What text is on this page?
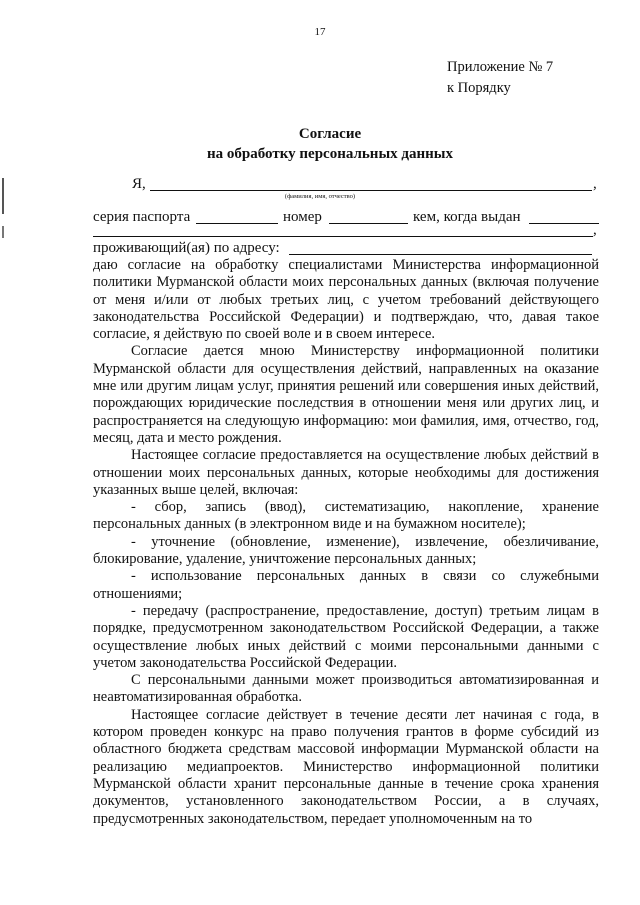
17
Приложение № 7
к Порядку
Согласие
на обработку персональных данных
Я,	,
(фамилия, имя, отчество)
серия паспорта	номер	кем, когда выдан
,
проживающий(ая) по адресу:

даю согласие на обработку специалистами Министерства информационной политики Мурманской области моих персональных данных (включая получение от меня и/или от любых третьих лиц, с учетом требований действующего законодательства Российской Федерации) и подтверждаю, что, давая такое согласие, я действую по своей воле и в своем интересе.

Согласие дается мною Министерству информационной политики Мурманской области для осуществления действий, направленных на оказание мне или другим лицам услуг, принятия решений или совершения иных действий, порождающих юридические последствия в отношении меня или других лиц, и распространяется на следующую информацию: мои фамилия, имя, отчество, год, месяц, дата и место рождения.

Настоящее согласие предоставляется на осуществление любых действий в отношении моих персональных данных, которые необходимы для достижения указанных выше целей, включая:

- сбор, запись (ввод), систематизацию, накопление, хранение персональных данных (в электронном виде и на бумажном носителе);

- уточнение (обновление, изменение), извлечение, обезличивание, блокирование, удаление, уничтожение персональных данных;

- использование персональных данных в связи со служебными отношениями;

- передачу (распространение, предоставление, доступ) третьим лицам в порядке, предусмотренном законодательством Российской Федерации, а также осуществление любых иных действий с моими персональными данными с учетом законодательства Российской Федерации.

С персональными данными может производиться автоматизированная и неавтоматизированная обработка.

Настоящее согласие действует в течение десяти лет начиная с года, в котором проведен конкурс на право получения грантов в форме субсидий из областного бюджета средствам массовой информации Мурманской области на реализацию медиапроектов. Министерство информационной политики Мурманской области хранит персональные данные в течение срока хранения документов, установленного законодательством России, а в случаях, предусмотренных законодательством, передает уполномоченным на то
